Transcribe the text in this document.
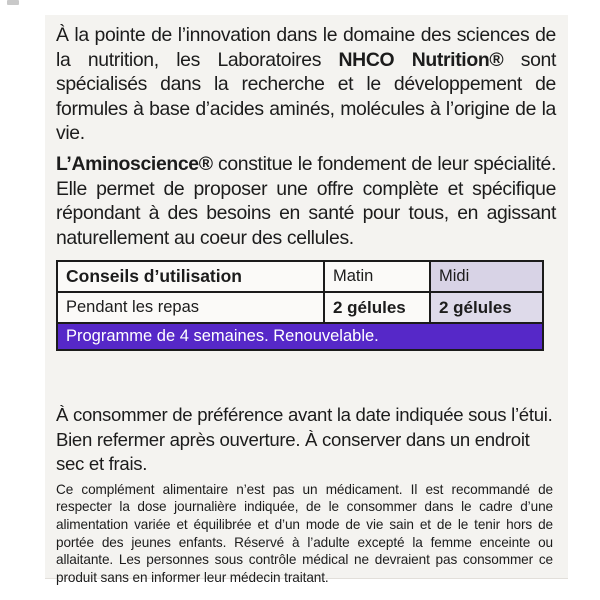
À la pointe de l’innovation dans le domaine des sciences de la nutrition, les Laboratoires NHCO Nutrition® sont spécialisés dans la recherche et le développement de formules à base d’acides aminés, molécules à l’origine de la vie.

L’Aminoscience® constitue le fondement de leur spécialité. Elle permet de proposer une offre complète et spécifique répondant à des besoins en santé pour tous, en agissant naturellement au coeur des cellules.

Conseils d’utilisation	Matin	Midi
Pendant les repas	2 gélules	2 gélules
Programme de 4 semaines. Renouvelable.		

À consommer de préférence avant la date indiquée sous l’étui. Bien refermer après ouverture. À conserver dans un endroit sec et frais.

Ce complément alimentaire n’est pas un médicament. Il est recommandé de respecter la dose journalière indiquée, de le consommer dans le cadre d’une alimentation variée et équilibrée et d’un mode de vie sain et de le tenir hors de portée des jeunes enfants. Réservé à l’adulte excepté la femme enceinte ou allaitante. Les personnes sous contrôle médical ne devraient pas consommer ce produit sans en informer leur médecin traitant.
